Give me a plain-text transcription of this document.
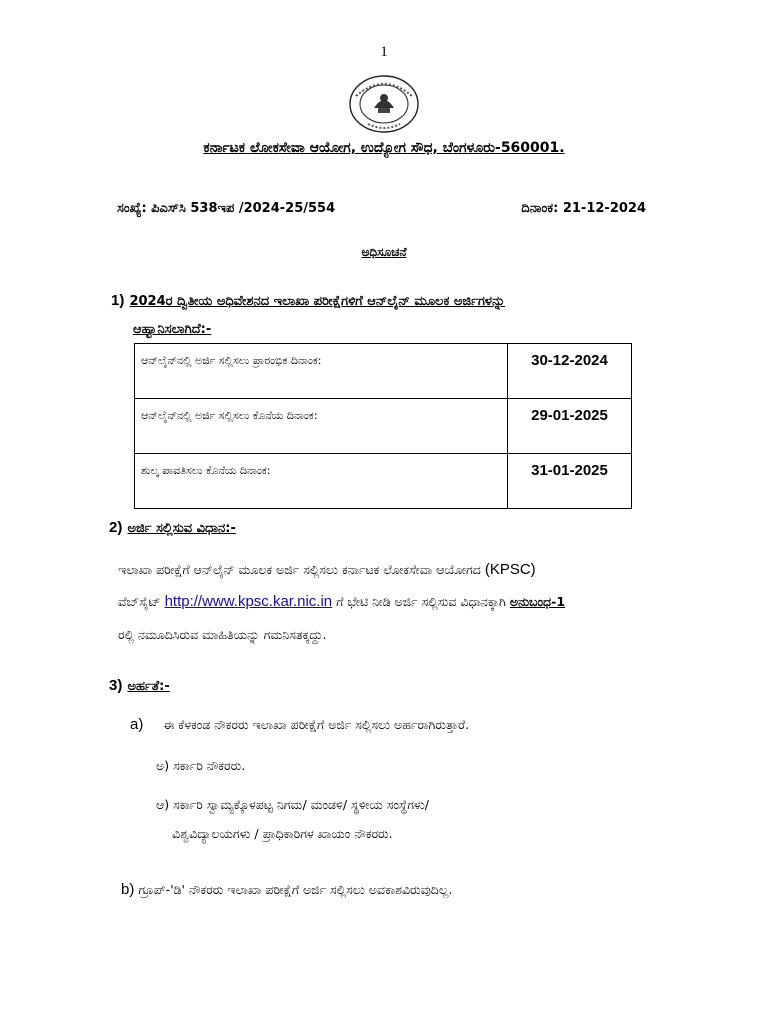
1
ಕರ್ನಾಟಕ ಲೋಕಸೇವಾ ಆಯೋಗ, ಉದ್ಯೋಗ ಸೌಧ, ಬೆಂಗಳೂರು-560001.
ಸಂಖ್ಯೆ: ಪಿಎಸ್‌ಸಿ 538ಇಪ /2024-25/554	ದಿನಾಂಕ: 21-12-2024
ಅಧಿಸೂಚನೆ
1) 2024ರ ದ್ವಿತೀಯ ಅಧಿವೇಶನದ ಇಲಾಖಾ ಪರೀಕ್ಷೆಗಳಿಗೆ ಆನ್‌ಲೈನ್ ಮೂಲಕ ಅರ್ಜಿಗಳನ್ನು
ಆಹ್ವಾನಿಸಲಾಗಿದೆ:-
ಆನ್‌ಲೈನ್‌ನಲ್ಲಿ ಅರ್ಜಿ ಸಲ್ಲಿಸಲು ಪ್ರಾರಂಭಿಕ ದಿನಾಂಕ:	30-12-2024
ಆನ್‌ಲೈನ್‌ನಲ್ಲಿ ಅರ್ಜಿ ಸಲ್ಲಿಸಲು ಕೊನೆಯ ದಿನಾಂಕ:	29-01-2025
ಶುಲ್ಕ ಪಾವತಿಸಲು ಕೊನೆಯ ದಿನಾಂಕ:	31-01-2025
2) ಅರ್ಜಿ ಸಲ್ಲಿಸುವ ವಿಧಾನ:-
ಇಲಾಖಾ ಪರೀಕ್ಷೆಗೆ ಆನ್‌ಲೈನ್ ಮೂಲಕ ಅರ್ಜಿ ಸಲ್ಲಿಸಲು ಕರ್ನಾಟಕ ಲೋಕಸೇವಾ ಆಯೋಗದ (KPSC)
ವೆಬ್‌ಸೈಟ್ http://www.kpsc.kar.nic.in ಗೆ ಭೇಟಿ ನೀಡಿ ಅರ್ಜಿ ಸಲ್ಲಿಸುವ ವಿಧಾನಕ್ಕಾಗಿ ಅನುಬಂಧ-1
ರಲ್ಲಿ ನಮೂದಿಸಿರುವ ಮಾಹಿತಿಯನ್ನು ಗಮನಿಸತಕ್ಕದ್ದು.
3) ಅರ್ಹತೆ:-
a) ಈ ಕೆಳಕಂಡ ನೌಕರರು ಇಲಾಖಾ ಪರೀಕ್ಷೆಗೆ ಅರ್ಜಿ ಸಲ್ಲಿಸಲು ಅರ್ಹರಾಗಿರುತ್ತಾರೆ.
ಅ) ಸರ್ಕಾರಿ ನೌಕರರು.
ಆ) ಸರ್ಕಾರಿ ಸ್ವಾಮ್ಯಕ್ಕೊಳಪಟ್ಟ ನಿಗಮ/ ಮಂಡಳಿ/ ಸ್ಥಳೀಯ ಸಂಸ್ಥೆಗಳು/
ವಿಶ್ವವಿದ್ಯಾಲಯಗಳು / ಪ್ರಾಧಿಕಾರಿಗಳ ಖಾಯಂ ನೌಕರರು.
b) ಗ್ರೂಪ್-'ಡಿ' ನೌಕರರು ಇಲಾಖಾ ಪರೀಕ್ಷೆಗೆ ಅರ್ಜಿ ಸಲ್ಲಿಸಲು ಅವಕಾಶವಿರುವುದಿಲ್ಲ.
